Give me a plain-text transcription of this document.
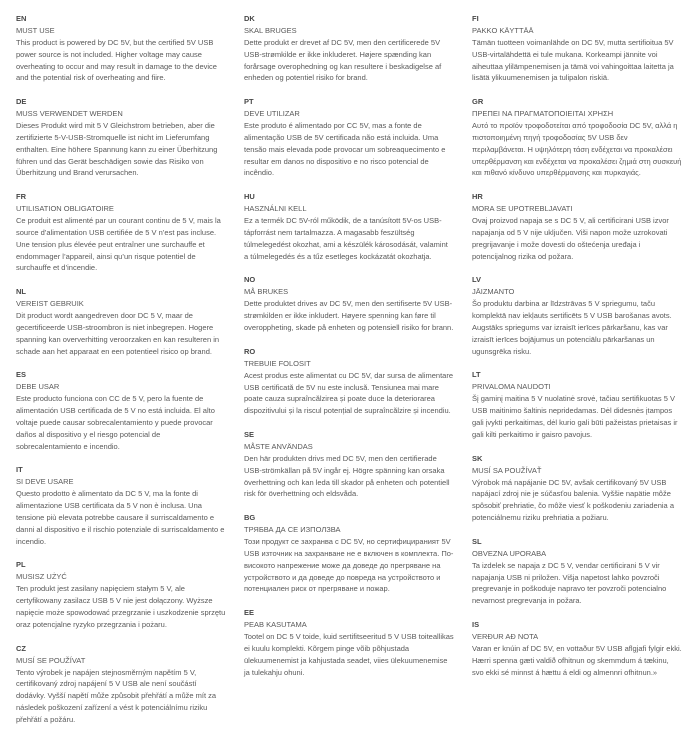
EN
MUST USE

This product is powered by DC 5V, but the certified 5V USB power source is not included. Higher voltage may cause overheating to occur and may result in damage to the device and the potential risk of overheating and fiire.

DE
MUSS VERWENDET WERDEN

Dieses Produkt wird mit 5 V Gleichstrom betrieben, aber die zertifizierte 5-V-USB-Stromquelle ist nicht im Lieferumfang enthalten. Eine höhere Spannung kann zu einer Überhitzung führen und das Gerät beschädigen sowie das Risiko von Überhitzung und Brand verursachen.

FR
UTILISATION OBLIGATOIRE

Ce produit est alimenté par un courant continu de 5 V, mais la source d’alimentation USB certifiée de 5 V n’est pas incluse. Une tension plus élevée peut entraîner une surchauffe et endommager l’appareil, ainsi qu’un risque potentiel de surchauffe et d’incendie.

NL
VEREIST GEBRUIK

Dit product wordt aangedreven door DC 5 V, maar de gecertificeerde USB-stroombron is niet inbegrepen. Hogere spanning kan oververhitting veroorzaken en kan resulteren in schade aan het apparaat en een potentieel risico op brand.

ES
DEBE USAR

Este producto funciona con CC de 5 V, pero la fuente de alimentación USB certificada de 5 V no está incluida. El alto voltaje puede causar sobrecalentamiento y puede provocar daños al dispositivo y el riesgo potencial de sobrecalentamiento e incendio.

IT
SI DEVE USARE

Questo prodotto è alimentato da DC 5 V, ma la fonte di alimentazione USB certificata da 5 V non è inclusa. Una tensione più elevata potrebbe causare il surriscaldamento e danni al dispositivo e il rischio potenziale di surriscaldamento e incendio.

PL
MUSISZ UŻYĆ

Ten produkt jest zasilany napięciem stałym 5 V, ale certyfikowany zasilacz USB 5 V nie jest dołączony. Wyższe napięcie może spowodować przegrzanie i uszkodzenie sprzętu oraz potencjalne ryzyko przegrzania i pożaru.

CZ
MUSÍ SE POUŽÍVAT

Tento výrobek je napájen stejnosměrným napětím 5 V, certifikovaný zdroj napájení 5 V USB ale není součástí dodávky. Vyšší napětí může způsobit přehřátí a může mít za následek poškození zařízení a vést k potenciálnímu riziku přehřátí a požáru.

DK
SKAL BRUGES

Dette produkt er drevet af DC 5V, men den certificerede 5V USB-strømkilde er ikke inkluderet. Højere spænding kan forårsage overophedning og kan resultere i beskadigelse af enheden og potentiel risiko for brand.

PT
DEVE UTILIZAR

Este produto é alimentado por CC 5V, mas a fonte de alimentação USB de 5V certificada não está incluida. Uma tensão mais elevada pode provocar um sobreaquecimento e resultar em danos no dispositivo e no risco potencial de incêndio.

HU
HASZNÁLNI KELL

Ez a termék DC 5V-ról működik, de a tanúsított 5V-os USB-tápforrást nem tartalmazza. A magasabb feszültség túlmelegedést okozhat, ami a készülék károsodását, valamint a túlmelegedés és a tűz esetleges kockázatát okozhatja.

NO
MÅ BRUKES

Dette produktet drives av DC 5V, men den sertifiserte 5V USB-strømkilden er ikke inkludert. Høyere spenning kan føre til overoppheting, skade på enheten og potensiell risiko for brann.

RO
TREBUIE FOLOSIT

Acest produs este alimentat cu DC 5V, dar sursa de alimentare USB certificată de 5V nu este inclusă. Tensiunea mai mare poate cauza supraîncălzirea și poate duce la deteriorarea dispozitivului și la riscul potențial de supraîncălzire și incendiu.

SE
MÅSTE ANVÄNDAS

Den här produkten drivs med DC 5V, men den certifierade USB-strömkällan på 5V ingår ej. Högre spänning kan orsaka överhettning och kan leda till skador på enheten och potentiell risk för överhettning och eldsvåda.

BG
ТРЯБВА ДА СЕ ИЗПОЛЗВА

Този продукт се захранва с DC 5V, но сертифицираният 5V USB източник на захранване не е включен в комплекта. По-високото напрежение може да доведе до прегряване на устройството и да доведе до повреда на устройството и потенциален риск от прегряване и пожар.

EE
PEAB KASUTAMA

Tootel on DC 5 V toide, kuid sertifitseeritud 5 V USB toiteallikas ei kuulu komplekti. Kõrgem pinge võib põhjustada ülekuumenemist ja kahjustada seadet, viies ülekuumenemise ja tulekahju ohuni.

FI
PAKKO KÄYTTÄÄ

Tämän tuotteen voimanlähde on DC 5V, mutta sertifioitua 5V USB-virtalähdettä ei tule mukana. Korkeampi jännite voi aiheuttaa ylilämpenemisen ja tämä voi vahingoittaa laitetta ja lisätä ylikuumenemisen ja tulipalon riskiä.

GR
ΠΡΕΠΕΙ ΝΑ ΠΡΑΓΜΑΤΟΠΟΙΕΙΤΑΙ ΧΡΗΣΗ

Αυτό το προϊόν τροφοδοτείται από τροφοδοσία DC 5V, αλλά η πιστοποιημένη πηγή τροφοδοσίας 5V USB δεν περιλαμβάνεται. Η υψηλότερη τάση ενδέχεται να προκαλέσει υπερθέρμανση και ενδέχεται να προκαλέσει ζημιά στη συσκευή και πιθανό κίνδυνο υπερθέρμανσης και πυρκαγιάς.

HR
MORA SE UPOTREBLJAVATI

Ovaj proizvod napaja se s DC 5 V, ali certificirani USB izvor napajanja od 5 V nije uključen. Viši napon može uzrokovati pregrijavanje i može dovesti do oštećenja uređaja i potencijalnog rizika od požara.

LV
JĀIZMANTO

Šo produktu darbina ar līdzstrāvas 5 V spriegumu, taču komplektā nav iekļauts sertificēts 5 V USB barošanas avots. Augstāks spriegums var izraisīt ierīces pārkaršanu, kas var izraisīt ierīces bojājumus un potenciālu pārkaršanas un ugunsgrēka risku.

LT
PRIVALOMA NAUDOTI

Šį gaminį maitina 5 V nuolatinė srovė, tačiau sertifikuotas 5 V USB maitinimo šaltinis nepridedamas. Dėl didesnės įtampos gali įvykti perkaitimas, dėl kurio gali būti pažeistas prietaisas ir gali kilti perkaitimo ir gaisro pavojus.

SK
MUSÍ SA POUŽÍVAŤ

Výrobok má napájanie DC 5V, avšak certifikovaný 5V USB napájací zdroj nie je súčasťou balenia. Vyššie napätie môže spôsobiť prehriatie, čo môže viesť k poškodeniu zariadenia a potenciálnemu riziku prehriatia a požiaru.

SL
OBVEZNA UPORABA

Ta izdelek se napaja z DC 5 V, vendar certificirani 5 V vir napajanja USB ni priložen. Višja napetost lahko povzroči pregrevanje in poškoduje napravo ter povzroči potencialno nevarnost pregrevanja in požara.

IS
VERÐUR AÐ NOTA

Varan er knúin af DC 5V, en vottaður 5V USB aflgjafi fylgir ekki. Hærri spenna gæti valdið ofhitnun og skemmdum á tækinu, svo ekki sé minnst á hættu á eldi og almennri ofhitnun.»
